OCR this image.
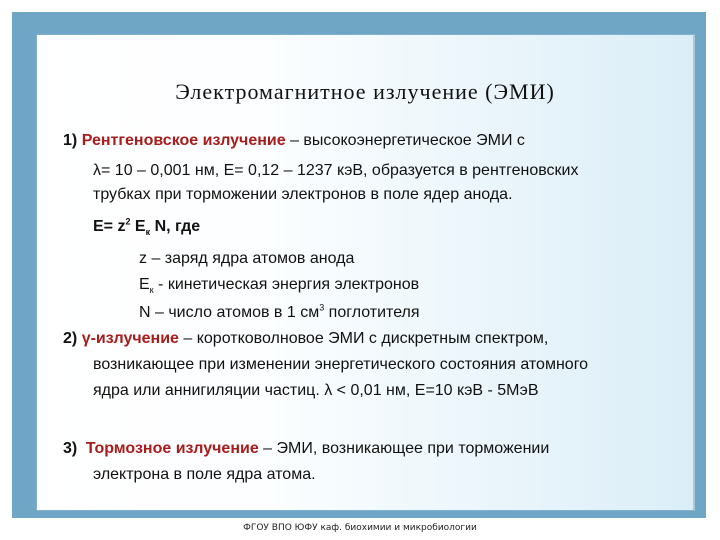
Электромагнитное излучение (ЭМИ)
1) Рентгеновское излучение – высокоэнергетическое ЭМИ с
λ= 10 – 0,001 нм, Е= 0,12 – 1237 кэВ, образуется в рентгеновских
трубках при торможении электронов в поле ядер анода.
$Е= z^2$ $E_к$ N, где
z – заряд ядра атомов анода
$Е_к$ - кинетическая энергия электронов
N – число атомов в 1 $см^3$ поглотителя
2) γ-излучение – коротковолновое ЭМИ с дискретным спектром,
возникающее при изменении энергетического состояния атомного
ядра или аннигиляции частиц. λ < 0,01 нм, Е=10 кэВ - 5МэВ
3) Тормозное излучение – ЭМИ, возникающее при торможении
электрона в поле ядра атома.
ФГОУ ВПО ЮФУ каф. биохимии и микробиологии
